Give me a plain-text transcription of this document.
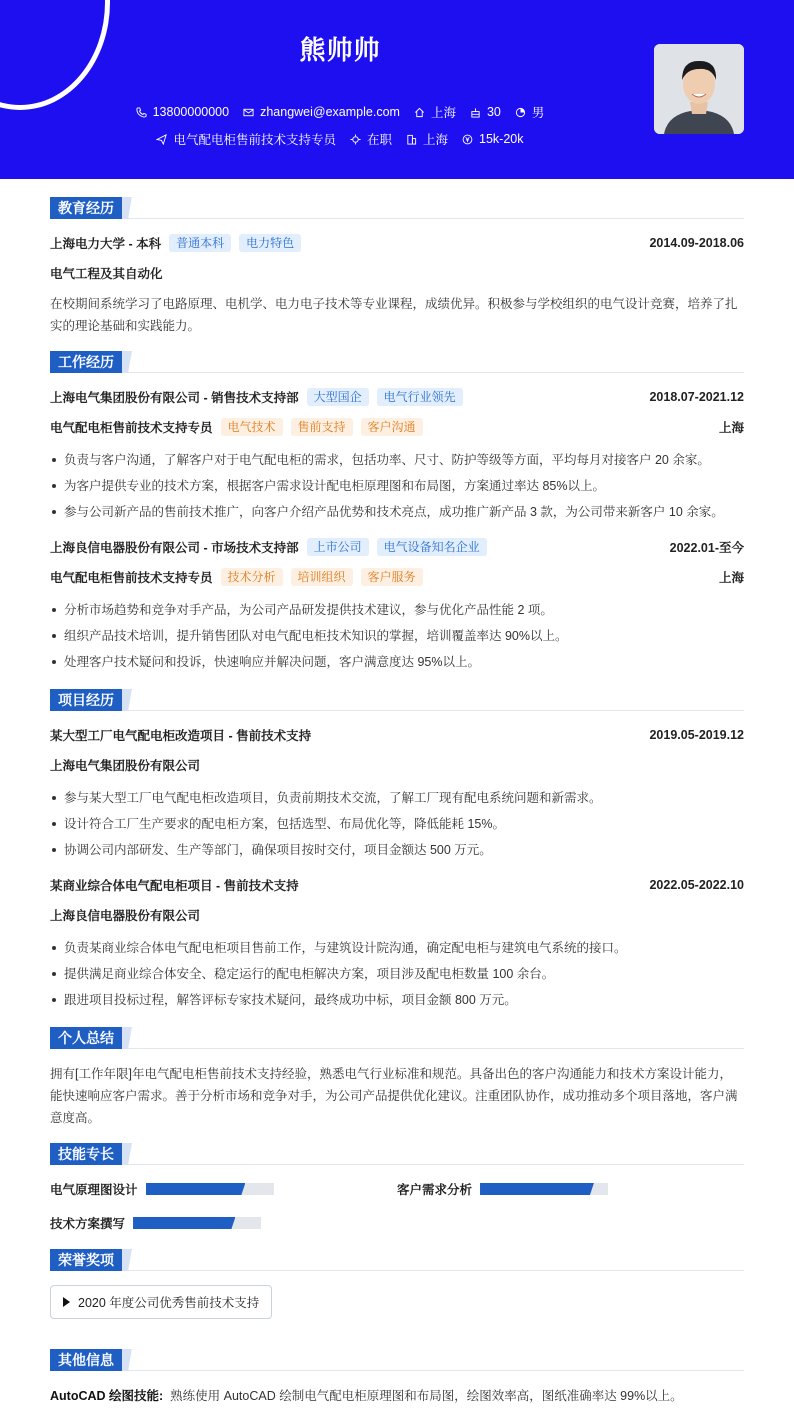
熊帅帅
13800000000 zhangwei@example.com 上海 30 男
电气配电柜售前技术支持专员 在职 上海 15k-20k
教育经历
上海电力大学 - 本科	普通本科	电力特色	2014.09-2018.06
电气工程及其自动化
在校期间系统学习了电路原理、电机学、电力电子技术等专业课程，成绩优异。积极参与学校组织的电气设计竞赛，培养了扎实的理论基础和实践能力。
工作经历
上海电气集团股份有限公司 - 销售技术支持部	大型国企	电气行业领先	2018.07-2021.12
电气配电柜售前技术支持专员	电气技术	售前支持	客户沟通	上海
负责与客户沟通，了解客户对于电气配电柜的需求，包括功率、尺寸、防护等级等方面，平均每月对接客户 20 余家。
为客户提供专业的技术方案，根据客户需求设计配电柜原理图和布局图，方案通过率达 85%以上。
参与公司新产品的售前技术推广，向客户介绍产品优势和技术亮点，成功推广新产品 3 款，为公司带来新客户 10 余家。
上海良信电器股份有限公司 - 市场技术支持部	上市公司	电气设备知名企业	2022.01-至今
电气配电柜售前技术支持专员	技术分析	培训组织	客户服务	上海
分析市场趋势和竞争对手产品，为公司产品研发提供技术建议，参与优化产品性能 2 项。
组织产品技术培训，提升销售团队对电气配电柜技术知识的掌握，培训覆盖率达 90%以上。
处理客户技术疑问和投诉，快速响应并解决问题，客户满意度达 95%以上。
项目经历
某大型工厂电气配电柜改造项目 - 售前技术支持	2019.05-2019.12
上海电气集团股份有限公司
参与某大型工厂电气配电柜改造项目，负责前期技术交流，了解工厂现有配电系统问题和新需求。
设计符合工厂生产要求的配电柜方案，包括选型、布局优化等，降低能耗 15%。
协调公司内部研发、生产等部门，确保项目按时交付，项目金额达 500 万元。
某商业综合体电气配电柜项目 - 售前技术支持	2022.05-2022.10
上海良信电器股份有限公司
负责某商业综合体电气配电柜项目售前工作，与建筑设计院沟通，确定配电柜与建筑电气系统的接口。
提供满足商业综合体安全、稳定运行的配电柜解决方案，项目涉及配电柜数量 100 余台。
跟进项目投标过程，解答评标专家技术疑问，最终成功中标，项目金额 800 万元。
个人总结
拥有[工作年限]年电气配电柜售前技术支持经验，熟悉电气行业标准和规范。具备出色的客户沟通能力和技术方案设计能力，能快速响应客户需求。善于分析市场和竞争对手，为公司产品提供优化建议。注重团队协作，成功推动多个项目落地，客户满意度高。
技能专长
电气原理图设计	客户需求分析
技术方案撰写
荣誉奖项
2020 年度公司优秀售前技术支持
其他信息
AutoCAD 绘图技能: 熟练使用 AutoCAD 绘制电气配电柜原理图和布局图，绘图效率高，图纸准确率达 99%以上。
